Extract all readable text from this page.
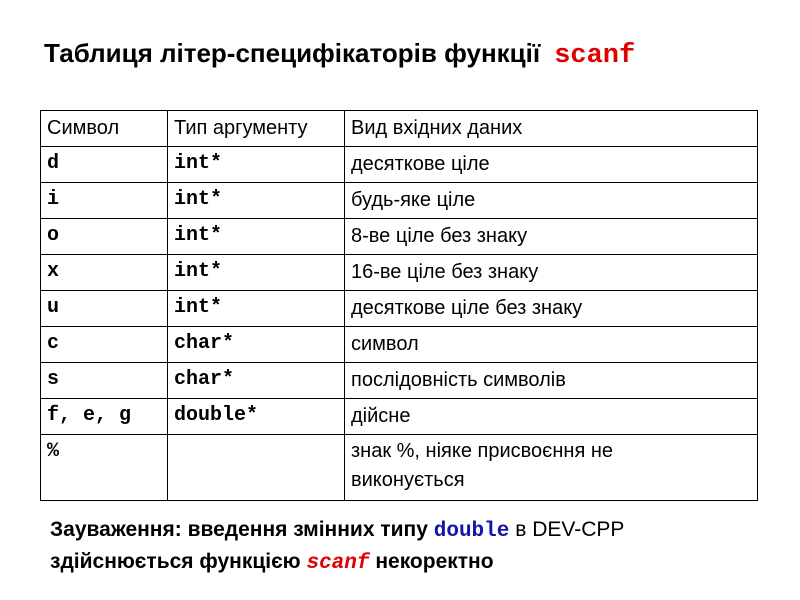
Таблиця літер-специфікаторів функції scanf
Символ	Тип аргументу	Вид вхідних даних
d	int*	десяткове ціле
i	int*	будь-яке ціле
o	int*	8-ве ціле без знаку
x	int*	16-ве ціле без знаку
u	int*	десяткове ціле без знаку
c	char*	символ
s	char*	послідовність символів
f, e, g	double*	дійсне
%		знак %, ніяке присвоєння не
виконується
Зауваження: введення змінних типу double в DEV-CPP
здійснюється функцією scanf некоректно
